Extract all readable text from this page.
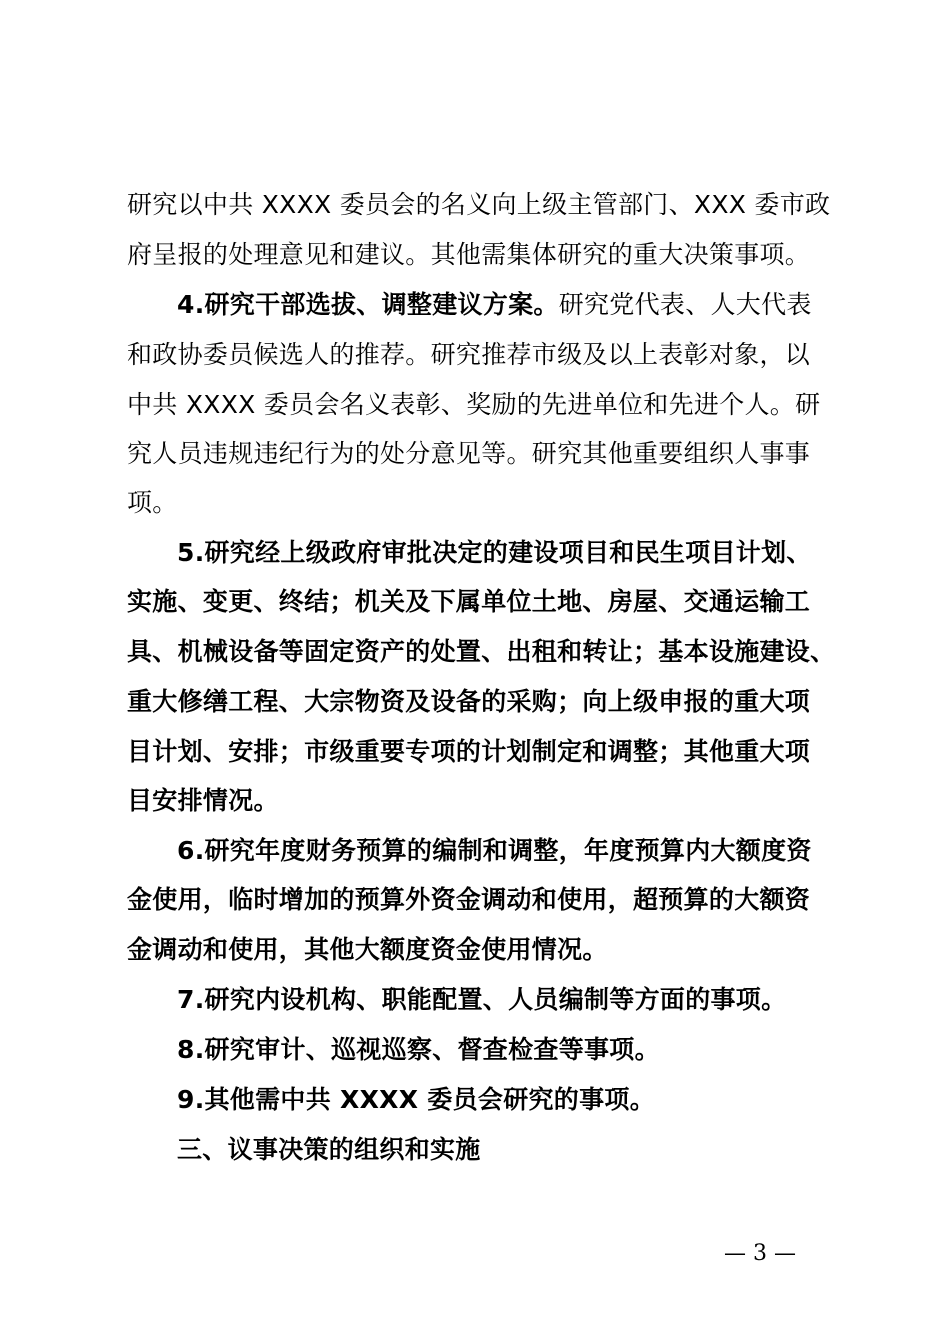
研究以中共 XXXX 委员会的名义向上级主管部门、XXX 委市政
府呈报的处理意见和建议。其他需集体研究的重大决策事项。
4.研究干部选拔、调整建议方案。研究党代表、人大代表
和政协委员候选人的推荐。研究推荐市级及以上表彰对象，以
中共 XXXX 委员会名义表彰、奖励的先进单位和先进个人。研
究人员违规违纪行为的处分意见等。研究其他重要组织人事事
项。
5.研究经上级政府审批决定的建设项目和民生项目计划、
实施、变更、终结；机关及下属单位土地、房屋、交通运输工
具、机械设备等固定资产的处置、出租和转让；基本设施建设、
重大修缮工程、大宗物资及设备的采购；向上级申报的重大项
目计划、安排；市级重要专项的计划制定和调整；其他重大项
目安排情况。
6.研究年度财务预算的编制和调整，年度预算内大额度资
金使用，临时增加的预算外资金调动和使用，超预算的大额资
金调动和使用，其他大额度资金使用情况。
7.研究内设机构、职能配置、人员编制等方面的事项。
8.研究审计、巡视巡察、督查检查等事项。
9.其他需中共 XXXX 委员会研究的事项。
三、议事决策的组织和实施
— 3 —
